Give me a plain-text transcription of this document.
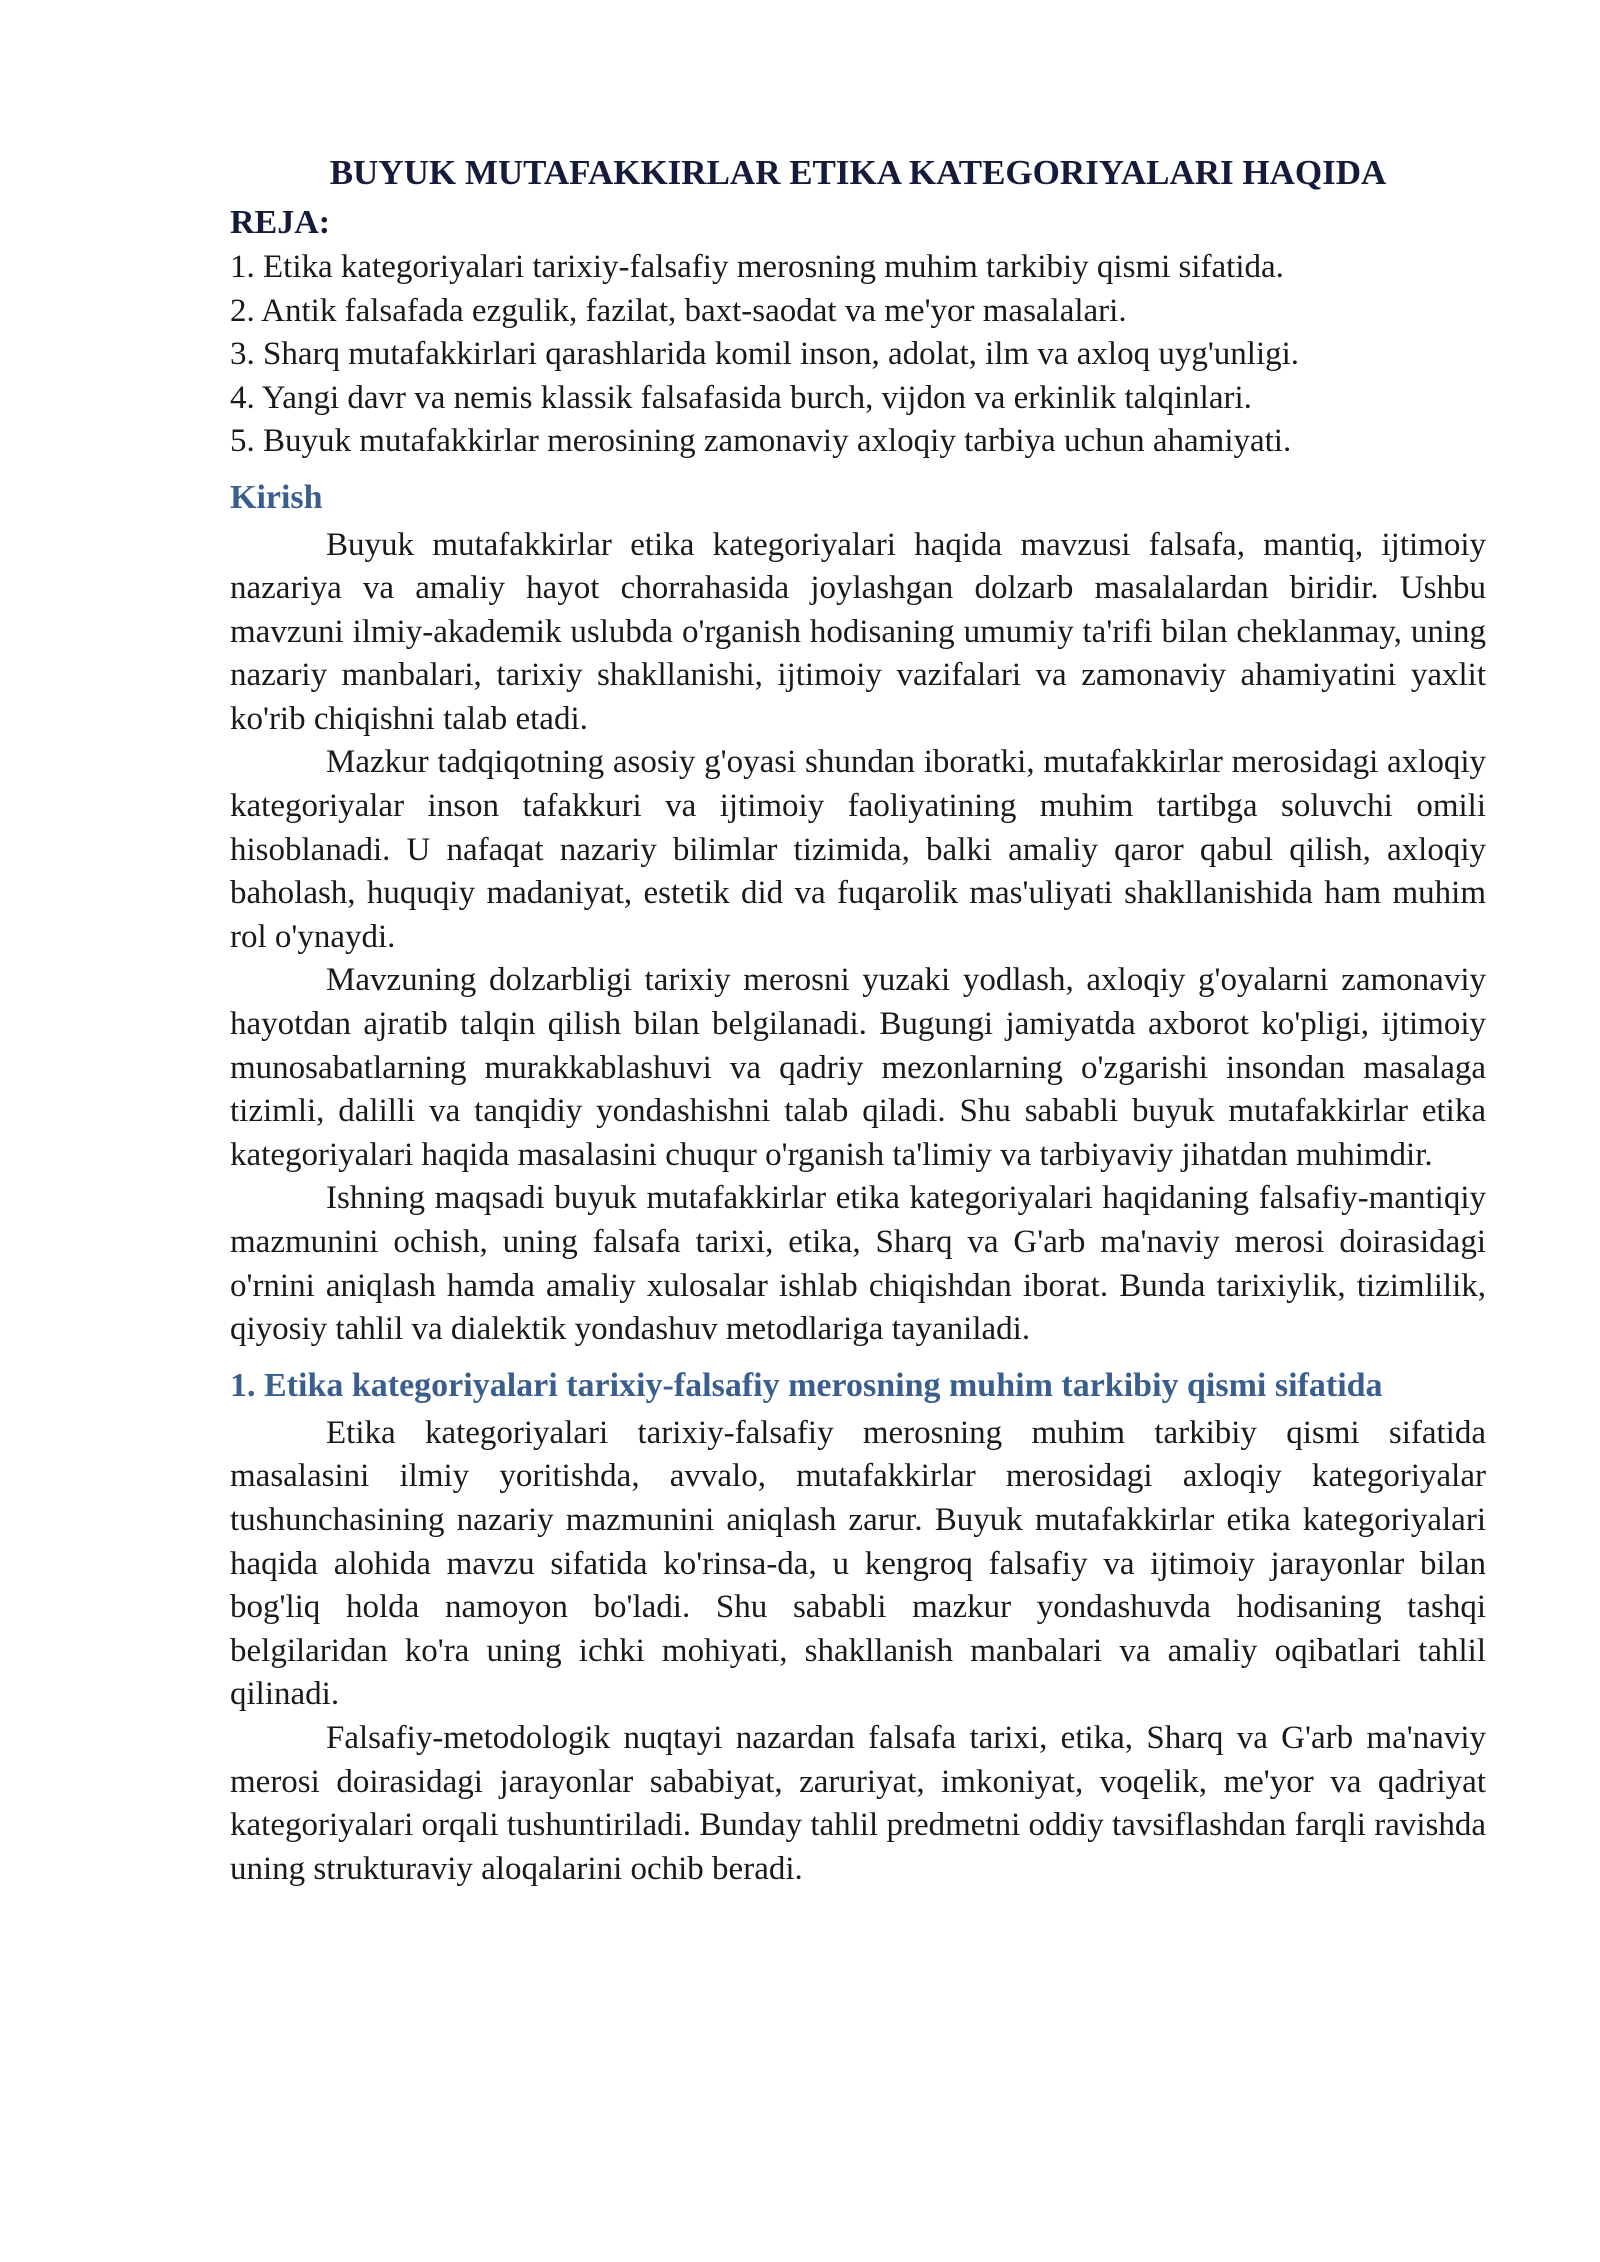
BUYUK MUTAFAKKIRLAR ETIKA KATEGORIYALARI HAQIDA
REJA:
1. Etika kategoriyalari tarixiy-falsafiy merosning muhim tarkibiy qismi sifatida.
2. Antik falsafada ezgulik, fazilat, baxt-saodat va me'yor masalalari.
3. Sharq mutafakkirlari qarashlarida komil inson, adolat, ilm va axloq uyg'unligi.
4. Yangi davr va nemis klassik falsafasida burch, vijdon va erkinlik talqinlari.
5. Buyuk mutafakkirlar merosining zamonaviy axloqiy tarbiya uchun ahamiyati.
Kirish

Buyuk mutafakkirlar etika kategoriyalari haqida mavzusi falsafa, mantiq, ijtimoiy nazariya va amaliy hayot chorrahasida joylashgan dolzarb masalalardan biridir. Ushbu mavzuni ilmiy-akademik uslubda o'rganish hodisaning umumiy ta'rifi bilan cheklanmay, uning nazariy manbalari, tarixiy shakllanishi, ijtimoiy vazifalari va zamonaviy ahamiyatini yaxlit ko'rib chiqishni talab etadi.

Mazkur tadqiqotning asosiy g'oyasi shundan iboratki, mutafakkirlar merosidagi axloqiy kategoriyalar inson tafakkuri va ijtimoiy faoliyatining muhim tartibga soluvchi omili hisoblanadi. U nafaqat nazariy bilimlar tizimida, balki amaliy qaror qabul qilish, axloqiy baholash, huquqiy madaniyat, estetik did va fuqarolik mas'uliyati shakllanishida ham muhim rol o'ynaydi.

Mavzuning dolzarbligi tarixiy merosni yuzaki yodlash, axloqiy g'oyalarni zamonaviy hayotdan ajratib talqin qilish bilan belgilanadi. Bugungi jamiyatda axborot ko'pligi, ijtimoiy munosabatlarning murakkablashuvi va qadriy mezonlarning o'zgarishi insondan masalaga tizimli, dalilli va tanqidiy yondashishni talab qiladi. Shu sababli buyuk mutafakkirlar etika kategoriyalari haqida masalasini chuqur o'rganish ta'limiy va tarbiyaviy jihatdan muhimdir.

Ishning maqsadi buyuk mutafakkirlar etika kategoriyalari haqidaning falsafiy-mantiqiy mazmunini ochish, uning falsafa tarixi, etika, Sharq va G'arb ma'naviy merosi doirasidagi o'rnini aniqlash hamda amaliy xulosalar ishlab chiqishdan iborat. Bunda tarixiylik, tizimlilik, qiyosiy tahlil va dialektik yondashuv metodlariga tayaniladi.

1. Etika kategoriyalari tarixiy-falsafiy merosning muhim tarkibiy qismi sifatida

Etika kategoriyalari tarixiy-falsafiy merosning muhim tarkibiy qismi sifatida masalasini ilmiy yoritishda, avvalo, mutafakkirlar merosidagi axloqiy kategoriyalar tushunchasining nazariy mazmunini aniqlash zarur. Buyuk mutafakkirlar etika kategoriyalari haqida alohida mavzu sifatida ko'rinsa-da, u kengroq falsafiy va ijtimoiy jarayonlar bilan bog'liq holda namoyon bo'ladi. Shu sababli mazkur yondashuvda hodisaning tashqi belgilaridan ko'ra uning ichki mohiyati, shakllanish manbalari va amaliy oqibatlari tahlil qilinadi.

Falsafiy-metodologik nuqtayi nazardan falsafa tarixi, etika, Sharq va G'arb ma'naviy merosi doirasidagi jarayonlar sababiyat, zaruriyat, imkoniyat, voqelik, me'yor va qadriyat kategoriyalari orqali tushuntiriladi. Bunday tahlil predmetni oddiy tavsiflashdan farqli ravishda uning strukturaviy aloqalarini ochib beradi.
